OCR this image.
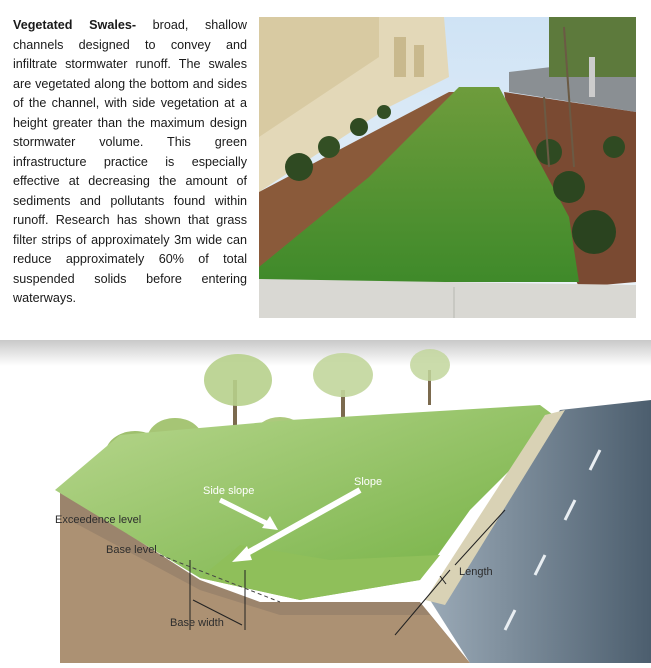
Vegetated Swales- broad, shallow channels designed to convey and infiltrate stormwater runoff. The swales are vegetated along the bottom and sides of the channel, with side vegetation at a height greater than the maximum design stormwater volume. This green infrastructure practice is especially effective at decreasing the amount of sediments and pollutants found within runoff. Research has shown that grass filter strips of approximately 3m wide can reduce approximately 60% of total suspended solids before entering waterways.
Side slope
Slope
Exceedence level
Base level
Base width
Length
